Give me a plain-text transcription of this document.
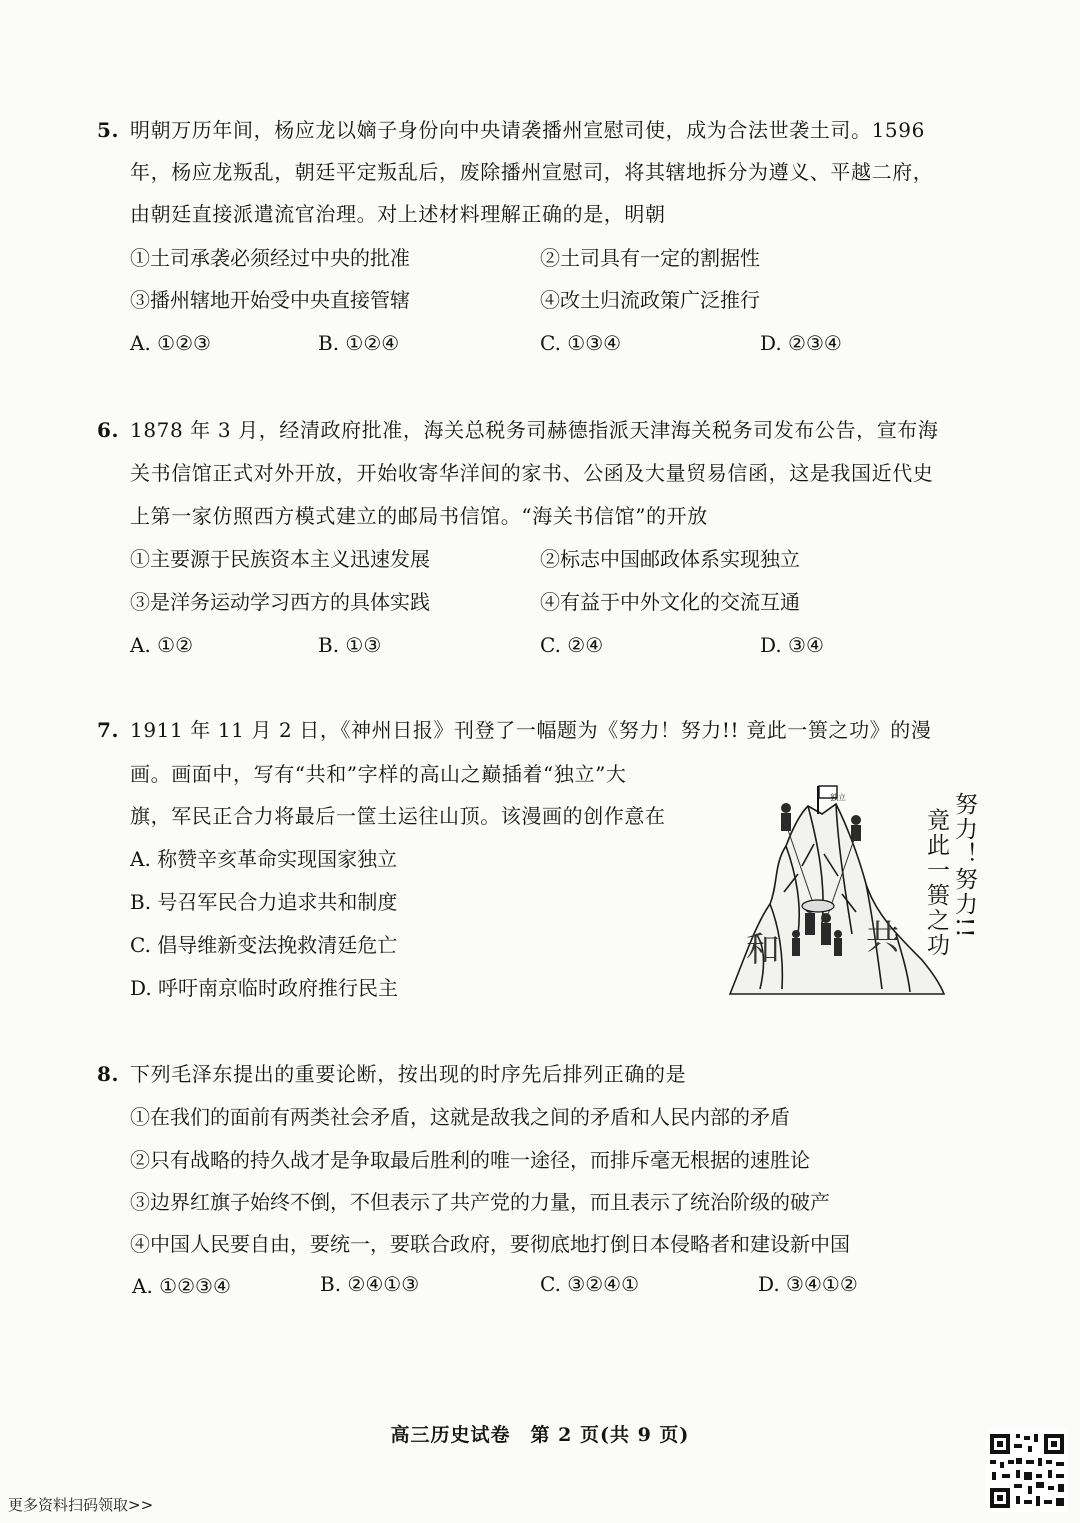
5. 明朝万历年间，杨应龙以嫡子身份向中央请袭播州宣慰司使，成为合法世袭土司。1596
年，杨应龙叛乱，朝廷平定叛乱后，废除播州宣慰司，将其辖地拆分为遵义、平越二府，
由朝廷直接派遣流官治理。对上述材料理解正确的是，明朝
①土司承袭必须经过中央的批准	②土司具有一定的割据性
③播州辖地开始受中央直接管辖	④改土归流政策广泛推行
A. ①②③	B. ①②④	C. ①③④	D. ②③④
6. 1878 年 3 月，经清政府批准，海关总税务司赫德指派天津海关税务司发布公告，宣布海
关书信馆正式对外开放，开始收寄华洋间的家书、公函及大量贸易信函，这是我国近代史
上第一家仿照西方模式建立的邮局书信馆。“海关书信馆”的开放
①主要源于民族资本主义迅速发展	②标志中国邮政体系实现独立
③是洋务运动学习西方的具体实践	④有益于中外文化的交流互通
A. ①②	B. ①③	C. ②④	D. ③④
7. 1911 年 11 月 2 日，《神州日报》刊登了一幅题为《努力！努力!! 竟此一篑之功》的漫
画。画面中，写有“共和”字样的高山之巅插着“独立”大
旗，军民正合力将最后一筐土运往山顶。该漫画的创作意在
A. 称赞辛亥革命实现国家独立
B. 号召军民合力追求共和制度
C. 倡导维新变法挽救清廷危亡
D. 呼吁南京临时政府推行民主
独立
和	共 努力！努力!!
竟此一篑之功
8. 下列毛泽东提出的重要论断，按出现的时序先后排列正确的是
①在我们的面前有两类社会矛盾，这就是敌我之间的矛盾和人民内部的矛盾
②只有战略的持久战才是争取最后胜利的唯一途径，而排斥毫无根据的速胜论
③边界红旗子始终不倒，不但表示了共产党的力量，而且表示了统治阶级的破产
④中国人民要自由，要统一，要联合政府，要彻底地打倒日本侵略者和建设新中国
A. ①②③④	B. ②④①③	C. ③②④①	D. ③④①②
高三历史试卷　第 2 页(共 9 页)
更多资料扫码领取>>
